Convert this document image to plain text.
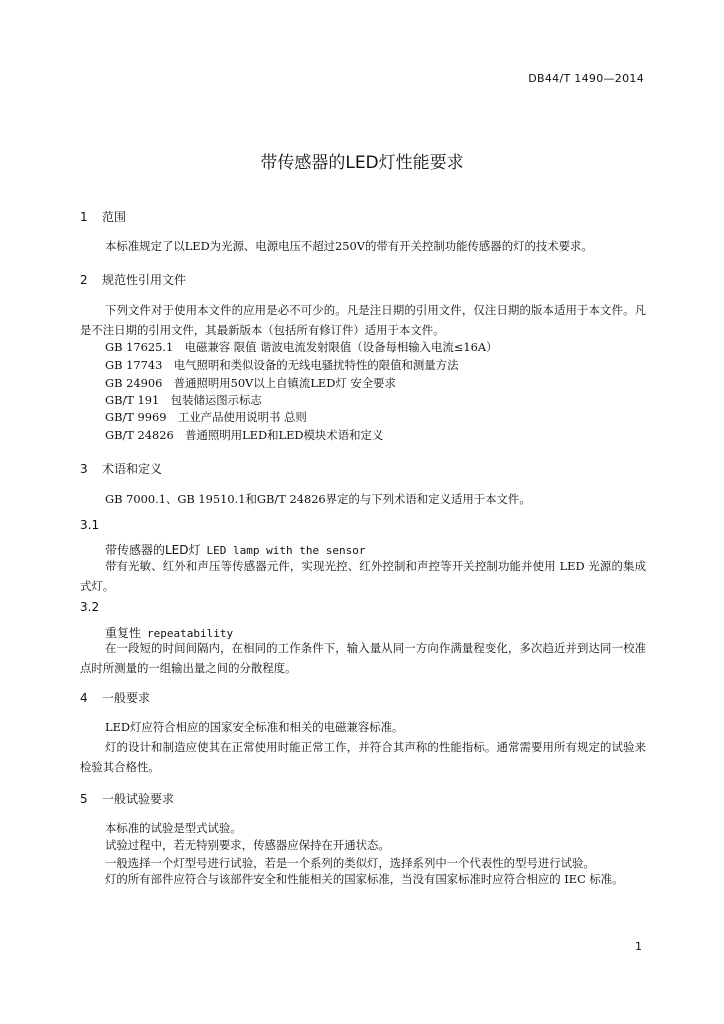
DB44/T 1490—2014
带传感器的LED灯性能要求
1 范围
本标准规定了以LED为光源、电源电压不超过250V的带有开关控制功能传感器的灯的技术要求。
2 规范性引用文件
下列文件对于使用本文件的应用是必不可少的。凡是注日期的引用文件，仅注日期的版本适用于本文件。凡是不注日期的引用文件，其最新版本（包括所有修订件）适用于本文件。
GB 17625.1　电磁兼容 限值 谐波电流发射限值（设备每相输入电流≤16A）
GB 17743　电气照明和类似设备的无线电骚扰特性的限值和测量方法
GB 24906　普通照明用50V以上自镇流LED灯 安全要求
GB/T 191　包装储运图示标志
GB/T 9969　工业产品使用说明书 总则
GB/T 24826　普通照明用LED和LED模块术语和定义
3 术语和定义
GB 7000.1、GB 19510.1和GB/T 24826界定的与下列术语和定义适用于本文件。
3.1
带传感器的LED灯 LED lamp with the sensor
带有光敏、红外和声压等传感器元件，实现光控、红外控制和声控等开关控制功能并使用 LED 光源的集成式灯。
3.2
重复性 repeatability
在一段短的时间间隔内，在相同的工作条件下，输入量从同一方向作满量程变化，多次趋近并到达同一校准点时所测量的一组输出量之间的分散程度。
4 一般要求
LED灯应符合相应的国家安全标准和相关的电磁兼容标准。
灯的设计和制造应使其在正常使用时能正常工作，并符合其声称的性能指标。通常需要用所有规定的试验来检验其合格性。
5 一般试验要求
本标准的试验是型式试验。
试验过程中，若无特别要求，传感器应保持在开通状态。
一般选择一个灯型号进行试验，若是一个系列的类似灯，选择系列中一个代表性的型号进行试验。
灯的所有部件应符合与该部件安全和性能相关的国家标准，当没有国家标准时应符合相应的 IEC 标准。
1
